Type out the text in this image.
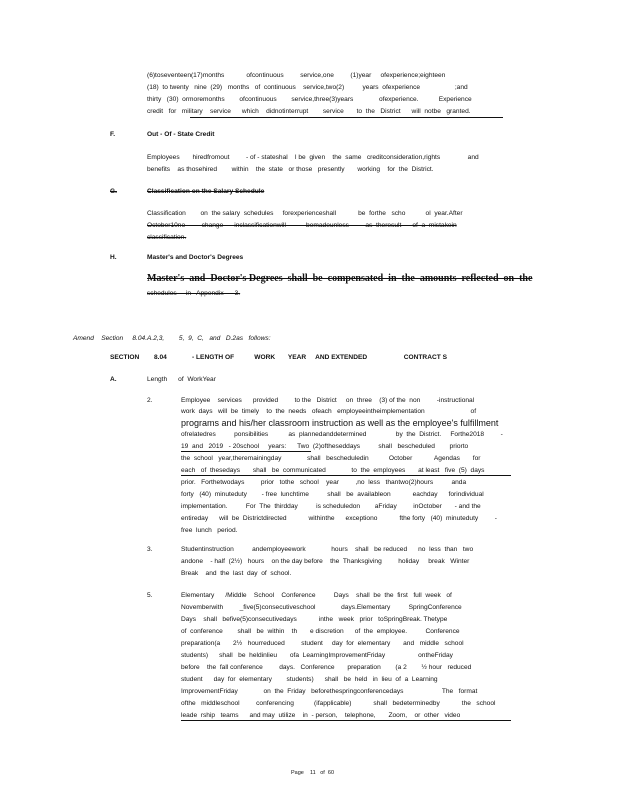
(6)toseventeen(17)months            ofcontinuous         service,one         (1)year     ofexperience;eighteen
(18)  to twenty   nine  (29)   months   of  continuous    service,two(2)          years  ofexperience                   ;and
thirty   (30)  ormoremonths        ofcontinuous        service,three(3)years              ofexperience.           Experience
credit   for   military    service      which    didnotinterrupt        service       to  the   District      will  notbe   granted.
F.	Out - Of - State Credit
Employees       hiredfromout         - of - stateshal    l be  given    the  same   creditconsideration,rights               and
benefits    as thosehired        within    the  state   or those   presently       working    for  the  District.
G.	Classification on the Salary Schedule
Classification        on  the salary  schedules     forexperienceshall            be  forthe   scho           ol  year.After
October10no         change      inclassificationwill           bemadeunless         as  theresult      of  a  mistakein
classification.
H.	Master's and Doctor's Degrees
Master's  and  Doctor's Degrees  shall  be  compensated  in  the  amounts  reflected  on  the
schedules     in   Appendix      3.
Amend    Section     8.04.A.2,3,        5,  9,  C,   and   D.2as   follows:
SECTION        8.04	- LENGTH OF           WORK       YEAR     AND EXTENDED                    CONTRACT S
A.	Length      of  WorkYear
2.	Employee    services      provided         to the   District     on  three    (3) of the  non         -instructional
work  days   will  be  timely    to  the  needs   ofeach   employeeintheimplementation                         of
programs and his/her classroom instruction as well as the employee's fulfillment
ofrelatedres          ponsibilities           as  plannedanddetermined                by  the  District.     Forthe2018         -
19  and   2019   - 20school     years:      Two  (2)oftheseddays          shall   bescheduled        priorto
the  school   year,theremainingday              shall   bescheduledin           October            Agendas       for
each   of  thesedays       shall   be  communicated              to  the  employees       at least   five  (5)  days
prior.   Forthetwodays         prior   tothe   school    year         ,no  less   thantwo(2)hours          anda
forty   (40)  minuteduty        - free  lunchtime          shall   be  availableon            eachday      forindividual
implementation.          For  The  thirdday          is scheduledon        aFriday         inOctober       - and the
entireday      will  be  Districtdirected            withinthe      exceptiono            fthe forty   (40)  minuteduty         -
free  lunch   period.
3.	Studentinstruction          andemployeework              hours    shall   be reduced      no  less  than   two
andone    - half  (2½)   hours    on the day before    the  Thanksgiving         holiday     break   Winter
Break    and  the  last  day  of  school.
5.	Elementary      /Middle    School    Conference          Days    shall  be  the  first   full  week   of
Novemberwith         _five(5)consecutiveschool              days.Elementary          SpringConference
Days    shall   befive(5)consecutivedays            inthe   week   prior   toSpringBreak. Thetype
of  conference        shall   be  within    th       e discretion      of  the  employee.          Conference
preparation(a       2½   hourreduced         student     day  for  elementary       and   middle   school
students)      shall   be  heldinlieu       ofa  LearningImprovementFriday                  ontheFriday
before    the  fall conference         days.   Conference       preparation        (a 2        ½ hour   reduced
student      day  for  elementary        students)      shall   be  held   in  lieu  of  a  Learning
ImprovementFriday              on  the  Friday   beforethespringconferencedays                     The   format
ofthe   middleschool         conferencing           (ifapplicable)            shall   bedeterminedby            the   school
leade  rship   teams      and may  utilize    in  - person,    telephone,       Zoom,    or  other   video
Page    11   of  60
